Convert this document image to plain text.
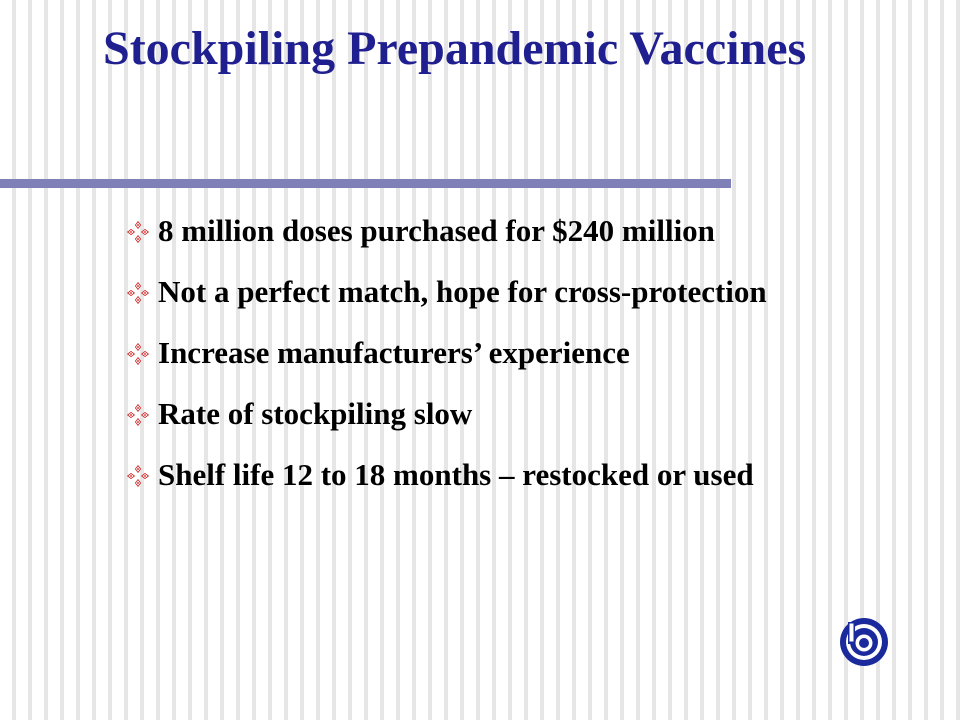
Stockpiling Prepandemic Vaccines
8 million doses purchased for $240 million
Not a perfect match, hope for cross-protection
Increase manufacturers’ experience
Rate of stockpiling slow
Shelf life 12 to 18 months – restocked or used
